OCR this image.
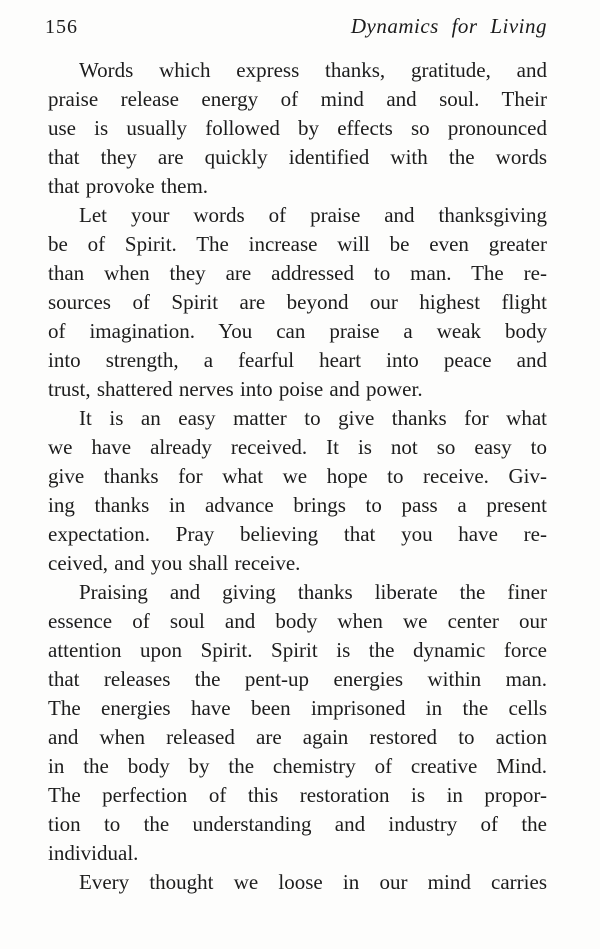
156	Dynamics for Living

Words which express thanks, gratitude, and
praise release energy of mind and soul. Their
use is usually followed by effects so pronounced
that they are quickly identified with the words
that provoke them.

Let your words of praise and thanksgiving
be of Spirit. The increase will be even greater
than when they are addressed to man. The re-
sources of Spirit are beyond our highest flight
of imagination. You can praise a weak body
into strength, a fearful heart into peace and
trust, shattered nerves into poise and power.

It is an easy matter to give thanks for what
we have already received. It is not so easy to
give thanks for what we hope to receive. Giv-
ing thanks in advance brings to pass a present
expectation. Pray believing that you have re-
ceived, and you shall receive.

Praising and giving thanks liberate the finer
essence of soul and body when we center our
attention upon Spirit. Spirit is the dynamic force
that releases the pent-up energies within man.
The energies have been imprisoned in the cells
and when released are again restored to action
in the body by the chemistry of creative Mind.
The perfection of this restoration is in propor-
tion to the understanding and industry of the
individual.

Every thought we loose in our mind carries
